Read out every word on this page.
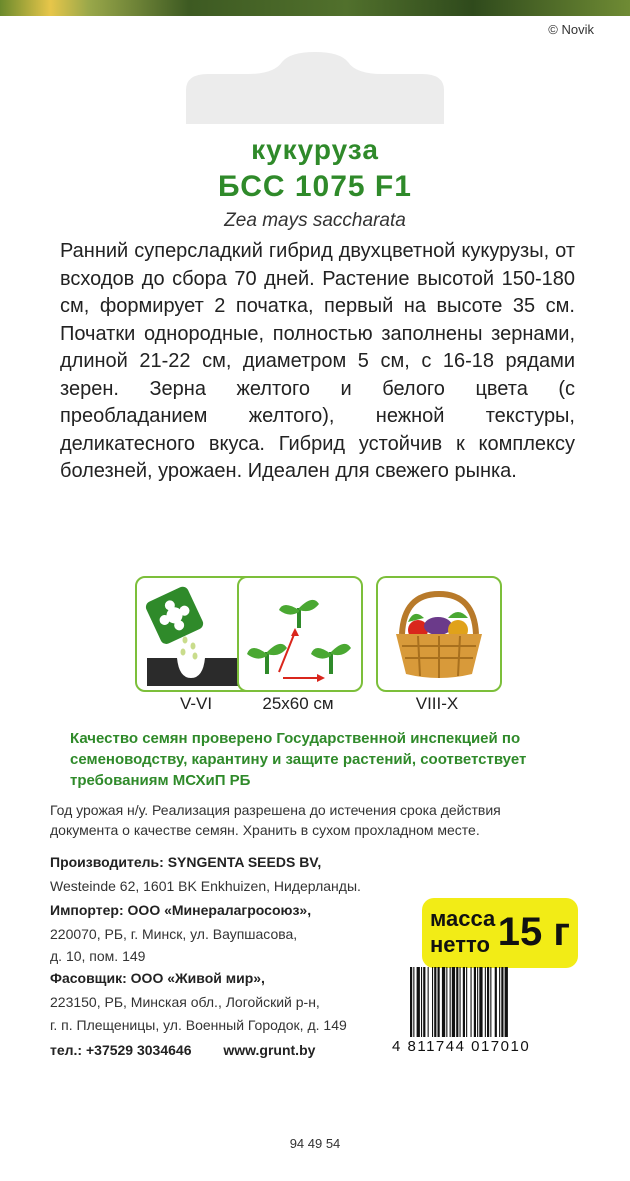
© Novik
кукуруза
БСС 1075 F1
Zea mays saccharata
Ранний суперсладкий гибрид двухцветной кукурузы, от всходов до сбора 70 дней. Растение высотой 150-180 см, формирует 2 початка, первый на высоте 35 см. Початки однородные, полностью заполнены зернами, длиной 21-22 см, диаметром 5 см, с 16-18 рядами зерен. Зерна желтого и белого цвета (с преобладанием желтого), нежной текстуры, деликатесного вкуса. Гибрид устойчив к комплексу болезней, урожаен. Идеален для свежего рынка.
V-VI	25x60 см	VIII-X
Качество семян проверено Государственной инспекцией по семеноводству, карантину и защите растений, соответствует требованиям МСХиП РБ
Год урожая н/у. Реализация разрешена до истечения срока действия документа о качестве семян. Хранить в сухом прохладном месте.
Производитель: SYNGENTA SEEDS BV,
Westeinde 62, 1601 BK Enkhuizen, Нидерланды.
Импортер: ООО «Минералагросоюз»,
220070, РБ, г. Минск, ул. Ваупшасова,
д. 10, пом. 149
Фасовщик: ООО «Живой мир»,
223150, РБ, Минская обл., Логойский р-н,
г. п. Плещеницы, ул. Военный Городок, д. 149
тел.: +37529 3034646 www.grunt.by
масса
нетто 15 г
4 811744 017010
94 49 54
